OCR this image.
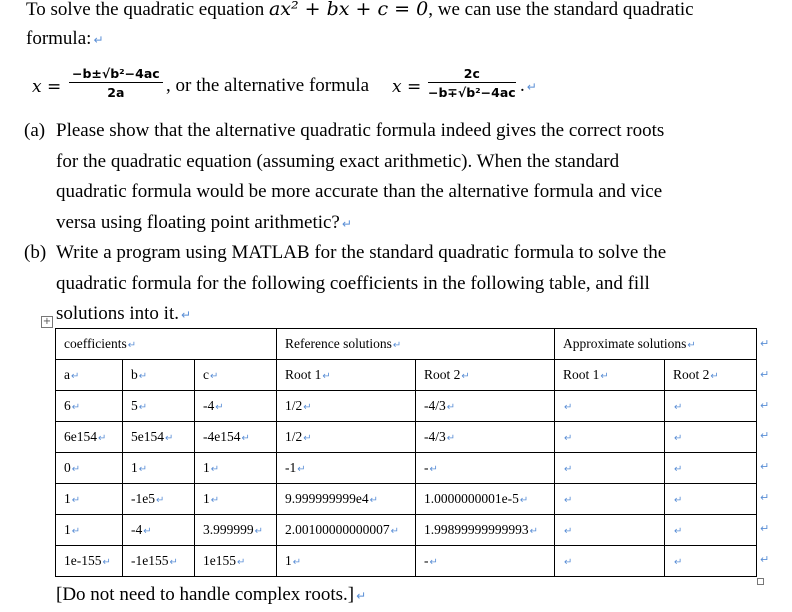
To solve the quadratic equation ax² + bx + c = 0, we can use the standard quadratic
formula: ↵
$x = \frac{\text{−b±√b²−4ac}}{2a}$ , or the alternative formula $x = \frac{2c}{\text{−b∓√b²−4ac}}$ . ↵
(a) Please show that the alternative quadratic formula indeed gives the correct roots
for the quadratic equation (assuming exact arithmetic). When the standard
quadratic formula would be more accurate than the alternative formula and vice
versa using floating point arithmetic? ↵
(b) Write a program using MATLAB for the standard quadratic formula to solve the
quadratic formula for the following coefficients in the following table, and fill
solutions into it. ↵
+
coefficients↵			Reference solutions↵		Approximate solutions↵	
a↵	b↵	c↵	Root 1↵	Root 2↵	Root 1↵	Root 2↵
6↵	5↵	-4↵	1/2↵	-4/3↵	↵	↵
6e154↵	5e154↵	-4e154↵	1/2↵	-4/3↵	↵	↵
0↵	1↵	1↵	-1↵	-↵	↵	↵
1↵	-1e5↵	1↵	9.999999999e4↵	1.0000000001e-5↵	↵	↵
1↵	-4↵	3.999999↵	2.00100000000007↵	1.99899999999993↵	↵	↵
1e-155↵	-1e155↵	1e155↵	1↵	-↵	↵	↵
↵
↵
↵
↵
↵
↵
↵
↵
[Do not need to handle complex roots.] ↵
